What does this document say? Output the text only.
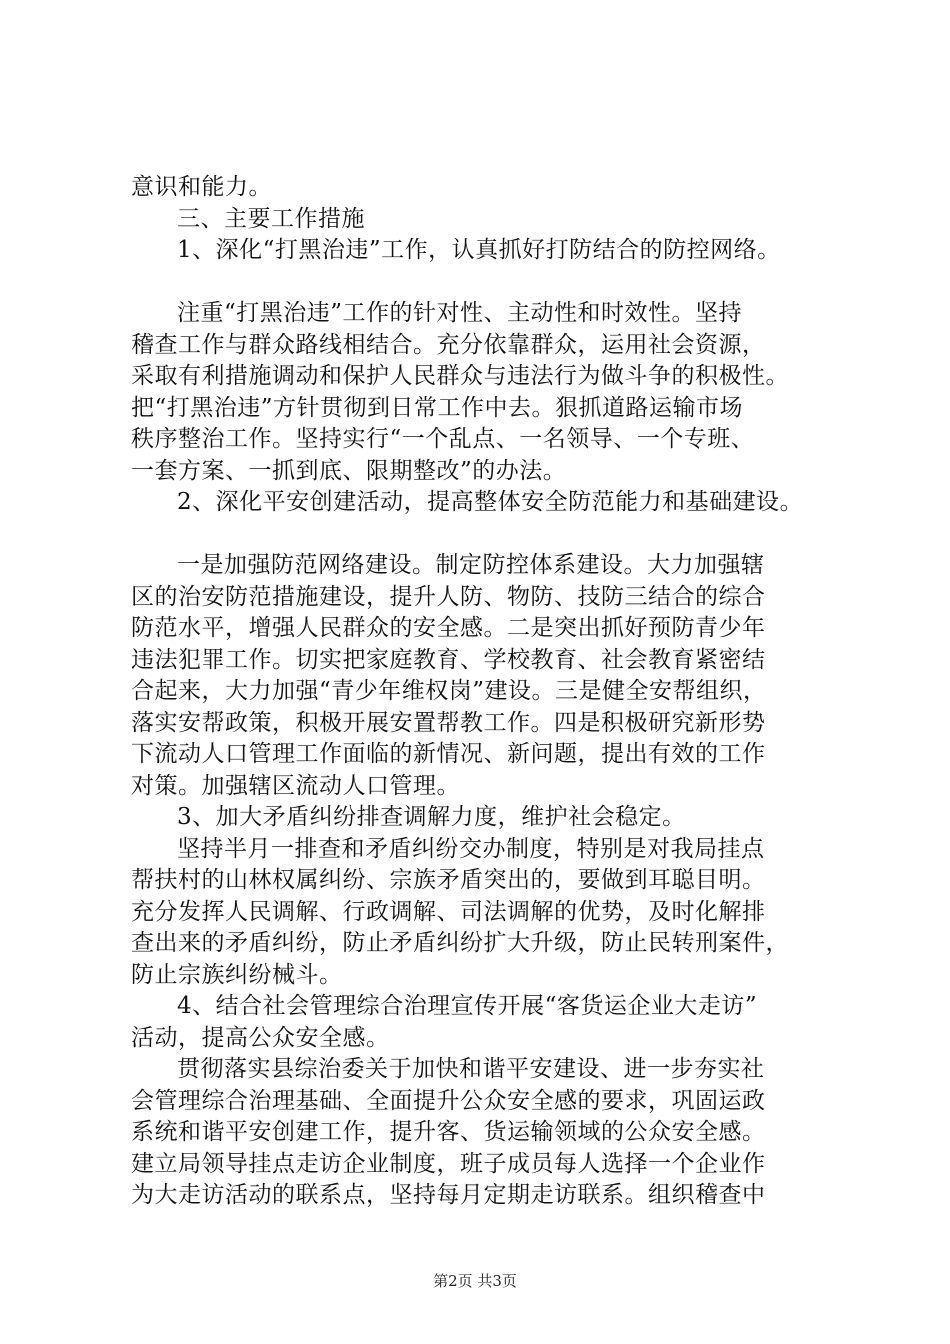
意识和能力。
三、主要工作措施
1、深化“打黑治违”工作，认真抓好打防结合的防控网络。
注重“打黑治违”工作的针对性、主动性和时效性。坚持
稽查工作与群众路线相结合。充分依靠群众，运用社会资源，
采取有利措施调动和保护人民群众与违法行为做斗争的积极性。
把“打黑治违”方针贯彻到日常工作中去。狠抓道路运输市场
秩序整治工作。坚持实行“一个乱点、一名领导、一个专班、
一套方案、一抓到底、限期整改”的办法。
2、深化平安创建活动，提高整体安全防范能力和基础建设。
一是加强防范网络建设。制定防控体系建设。大力加强辖
区的治安防范措施建设，提升人防、物防、技防三结合的综合
防范水平，增强人民群众的安全感。二是突出抓好预防青少年
违法犯罪工作。切实把家庭教育、学校教育、社会教育紧密结
合起来，大力加强“青少年维权岗”建设。三是健全安帮组织，
落实安帮政策，积极开展安置帮教工作。四是积极研究新形势
下流动人口管理工作面临的新情况、新问题，提出有效的工作
对策。加强辖区流动人口管理。
3、加大矛盾纠纷排查调解力度，维护社会稳定。
坚持半月一排查和矛盾纠纷交办制度，特别是对我局挂点
帮扶村的山林权属纠纷、宗族矛盾突出的，要做到耳聪目明。
充分发挥人民调解、行政调解、司法调解的优势，及时化解排
查出来的矛盾纠纷，防止矛盾纠纷扩大升级，防止民转刑案件，
防止宗族纠纷械斗。
4、结合社会管理综合治理宣传开展“客货运企业大走访”
活动，提高公众安全感。
贯彻落实县综治委关于加快和谐平安建设、进一步夯实社
会管理综合治理基础、全面提升公众安全感的要求，巩固运政
系统和谐平安创建工作，提升客、货运输领域的公众安全感。
建立局领导挂点走访企业制度，班子成员每人选择一个企业作
为大走访活动的联系点，坚持每月定期走访联系。组织稽查中
第2页 共3页
